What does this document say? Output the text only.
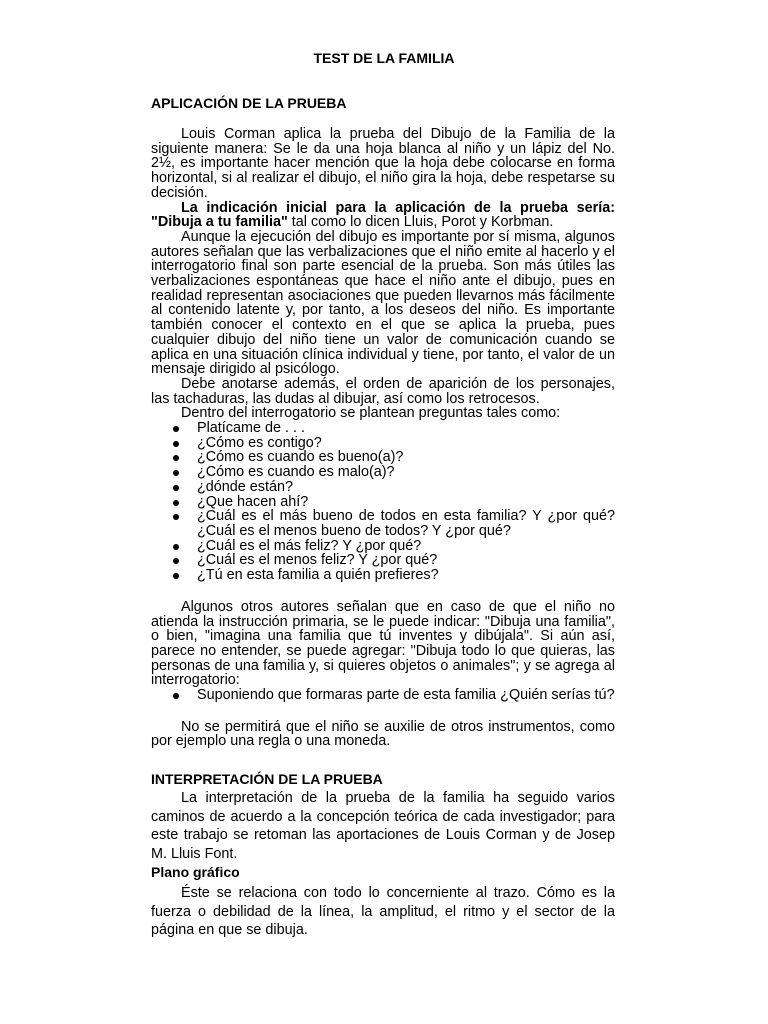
TEST DE LA FAMILIA
APLICACIÓN DE LA PRUEBA

Louis Corman aplica la prueba del Dibujo de la Familia de la siguiente manera: Se le da una hoja blanca al niño y un lápiz del No. 2½, es importante hacer mención que la hoja debe colocarse en forma horizontal, si al realizar el dibujo, el niño gira la hoja, debe respetarse su decisión.

La indicación inicial para la aplicación de la prueba sería: "Dibuja a tu familia" tal como lo dicen Lluis, Porot y Korbman.

Aunque la ejecución del dibujo es importante por sí misma, algunos autores señalan que las verbalizaciones que el niño emite al hacerlo y el interrogatorio final son parte esencial de la prueba. Son más útiles las verbalizaciones espontáneas que hace el niño ante el dibujo, pues en realidad representan asociaciones que pueden llevarnos más fácilmente al contenido latente y, por tanto, a los deseos del niño. Es importante también conocer el contexto en el que se aplica la prueba, pues cualquier dibujo del niño tiene un valor de comunicación cuando se aplica en una situación clínica individual y tiene, por tanto, el valor de un mensaje dirigido al psicólogo.

Debe anotarse además, el orden de aparición de los personajes, las tachaduras, las dudas al dibujar, así como los retrocesos.

Dentro del interrogatorio se plantean preguntas tales como:

Platícame de . . .
¿Cómo es contigo?
¿Cómo es cuando es bueno(a)?
¿Cómo es cuando es malo(a)?
¿dónde están?
¿Que hacen ahí?
¿Cuál es el más bueno de todos en esta familia? Y ¿por qué? ¿Cuál es el menos bueno de todos? Y ¿por qué?
¿Cuál es el más feliz? Y ¿por qué?
¿Cuál es el menos feliz? Y ¿por qué?
¿Tú en esta familia a quién prefieres?

Algunos otros autores señalan que en caso de que el niño no atienda la instrucción primaria, se le puede indicar: "Dibuja una familia", o bien, "imagina una familia que tú inventes y dibújala". Si aún así, parece no entender, se puede agregar: "Dibuja todo lo que quieras, las personas de una familia y, si quieres objetos o animales"; y se agrega al interrogatorio:

Suponiendo que formaras parte de esta familia ¿Quién serías tú?

No se permitirá que el niño se auxilie de otros instrumentos, como por ejemplo una regla o una moneda.

INTERPRETACIÓN DE LA PRUEBA

La interpretación de la prueba de la familia ha seguido varios caminos de acuerdo a la concepción teórica de cada investigador; para este trabajo se retoman las aportaciones de Louis Corman y de Josep M. Lluis Font.

Plano gráfico

Éste se relaciona con todo lo concerniente al trazo. Cómo es la fuerza o debilidad de la línea, la amplitud, el ritmo y el sector de la página en que se dibuja.
